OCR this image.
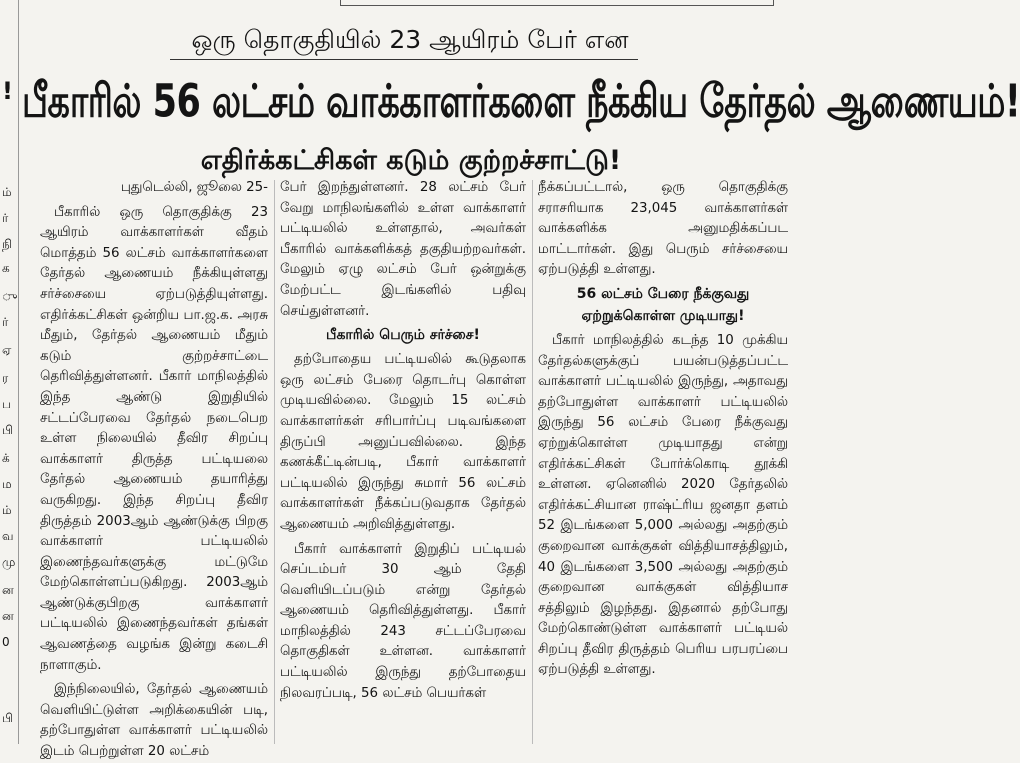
!
ம்
ர்
நி
க
ு
ர்
ஏ
ர
ப
பி
க்
ம
ம்
வ
மு
ன
ன
0
பி
ஒரு தொகுதியில் 23 ஆயிரம் பேர் என
பீகாரில் 56 லட்சம் வாக்காளர்களை நீக்கிய தேர்தல் ஆணையம்!
எதிர்க்கட்சிகள் கடும் குற்றச்சாட்டு!

புதுடெல்லி, ஜூலை 25-

பீகாரில் ஒரு தொகுதிக்கு 23 ஆயிரம் வாக்காளர்கள் வீதம் மொத்தம் 56 லட்சம் வாக்காளர்களை தேர்தல் ஆணையம் நீக்கியுள்ளது சர்ச்சையை ஏற்படுத்தியுள்ளது. எதிர்க்கட்சிகள் ஒன்றிய பா.ஜ.க. அரசு மீதும், தேர்தல் ஆணையம் மீதும் கடும் குற்றச்சாட்டை தெரிவித்துள்ளனர். பீகார் மாநிலத்தில் இந்த ஆண்டு இறுதியில் சட்டப்பேரவை தேர்தல் நடைபெற உள்ள நிலையில் தீவிர சிறப்பு வாக்காளர் திருத்த பட்டியலை தேர்தல் ஆணையம் தயாரித்து வருகிறது. இந்த சிறப்பு தீவிர திருத்தம் 2003ஆம் ஆண்டுக்கு பிறகு வாக்காளர் பட்டியலில் இணைந்தவர்களுக்கு மட்டுமே மேற்கொள்ளப்படுகிறது. 2003ஆம் ஆண்டுக்குபிறகு வாக்காளர் பட்டியலில் இணைந்தவர்கள் தங்கள் ஆவணத்தை வழங்க இன்று கடைசி நாளாகும்.

இந்நிலையில், தேர்தல் ஆணையம் வெளியிட்டுள்ள அறிக்கையின் படி, தற்போதுள்ள வாக்காளர் பட்டியலில் இடம் பெற்றுள்ள 20 லட்சம்

பேர் இறந்துள்ளனர். 28 லட்சம் பேர் வேறு மாநிலங்களில் உள்ள வாக்காளர் பட்டியலில் உள்ளதால், அவர்கள் பீகாரில் வாக்களிக்கத் தகுதியற்றவர்கள். மேலும் ஏழு லட்சம் பேர் ஒன்றுக்கு மேற்பட்ட இடங்களில் பதிவு செய்துள்ளனர்.

பீகாரில் பெரும் சர்ச்சை!

தற்போதைய பட்டியலில் கூடுதலாக ஒரு லட்சம் பேரை தொடர்பு கொள்ள முடியவில்லை. மேலும் 15 லட்சம் வாக்காளர்கள் சரிபார்ப்பு படிவங்களை திருப்பி அனுப்பவில்லை. இந்த கணக்கீட்டின்படி, பீகார் வாக்காளர் பட்டியலில் இருந்து சுமார் 56 லட்சம் வாக்காளர்கள் நீக்கப்படுவதாக தேர்தல் ஆணையம் அறிவித்துள்ளது.

பீகார் வாக்காளர் இறுதிப் பட்டியல் செப்டம்பர் 30 ஆம் தேதி வெளியிடப்படும் என்று தேர்தல் ஆணையம் தெரிவித்துள்ளது. பீகார் மாநிலத்தில் 243 சட்டப்பேரவை தொகுதிகள் உள்ளன. வாக்காளர் பட்டியலில் இருந்து தற்போதைய நிலவரப்படி, 56 லட்சம் பெயர்கள்

நீக்கப்பட்டால், ஒரு தொகுதிக்கு சராசரியாக 23,045 வாக்காளர்கள் வாக்களிக்க அனுமதிக்கப்பட மாட்டார்கள். இது பெரும் சர்ச்சையை ஏற்படுத்தி உள்ளது.

56 லட்சம் பேரை நீக்குவது ஏற்றுக்கொள்ள முடியாது!

பீகார் மாநிலத்தில் கடந்த 10 முக்கிய தேர்தல்களுக்குப் பயன்படுத்தப்பட்ட வாக்காளர் பட்டியலில் இருந்து, அதாவது தற்போதுள்ள வாக்காளர் பட்டியலில் இருந்து 56 லட்சம் பேரை நீக்குவது ஏற்றுக்கொள்ள முடியாதது என்று எதிர்க்கட்சிகள் போர்க்கொடி தூக்கி உள்ளன. ஏனெனில் 2020 தேர்தலில் எதிர்க்கட்சியான ராஷ்ட்ரிய ஜனதா தளம் 52 இடங்களை 5,000 அல்லது அதற்கும் குறைவான வாக்குகள் வித்தியாசத்திலும், 40 இடங்களை 3,500 அல்லது அதற்கும் குறைவான வாக்குகள் வித்தியாச சத்திலும் இழந்தது. இதனால் தற்போது மேற்கொண்டுள்ள வாக்காளர் பட்டியல் சிறப்பு தீவிர திருத்தம் பெரிய பரபரப்பை ஏற்படுத்தி உள்ளது.
